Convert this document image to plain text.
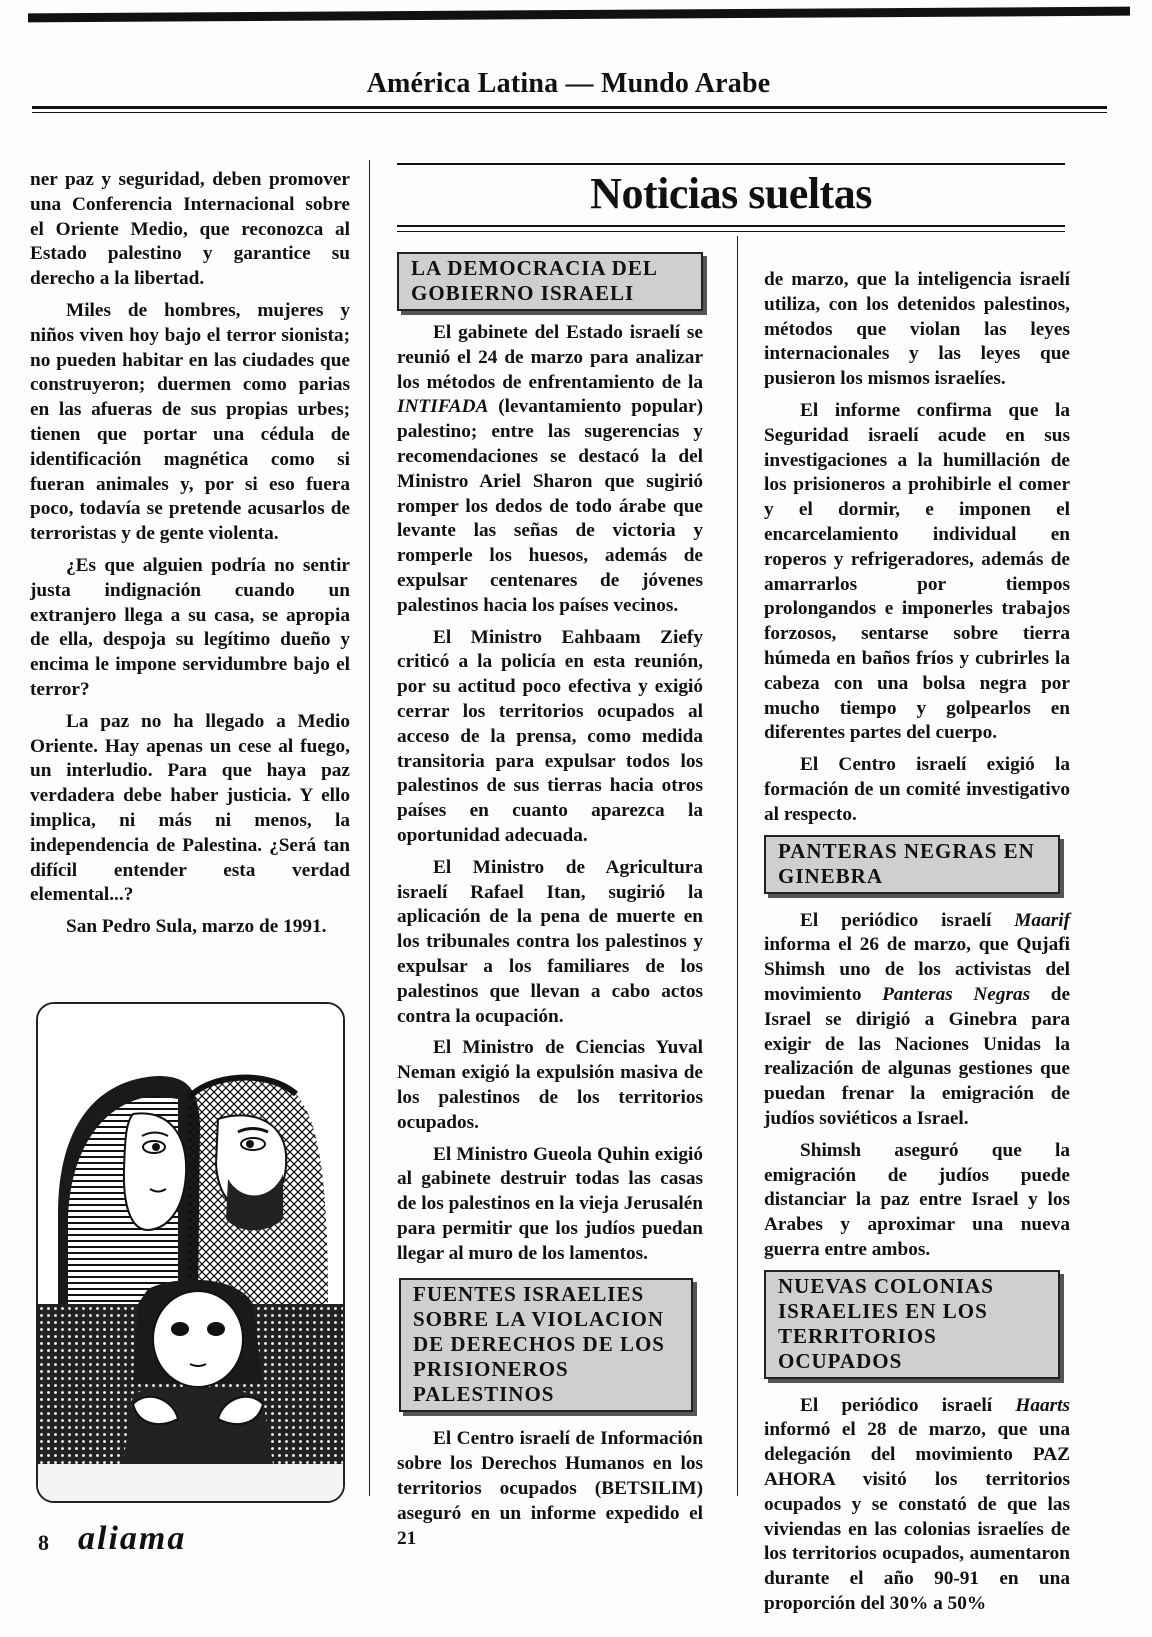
América Latina — Mundo Arabe

ner paz y seguridad, deben promover una Conferencia Internacional sobre el Oriente Medio, que reconozca al Estado palestino y garantice su derecho a la libertad.

Miles de hombres, mujeres y niños viven hoy bajo el terror sionista; no pueden habitar en las ciudades que construyeron; duermen como parias en las afueras de sus propias urbes; tienen que portar una cédula de identificación magnética como si fueran animales y, por si eso fuera poco, todavía se pretende acusarlos de terroristas y de gente violenta.

¿Es que alguien podría no sentir justa indignación cuando un extranjero llega a su casa, se apropia de ella, despoja su legítimo dueño y encima le impone servidumbre bajo el terror?

La paz no ha llegado a Medio Oriente. Hay apenas un cese al fuego, un interludio. Para que haya paz verdadera debe haber justicia. Y ello implica, ni más ni menos, la independencia de Palestina. ¿Será tan difícil entender esta verdad elemental...?

San Pedro Sula, marzo de 1991.

Noticias sueltas
LA DEMOCRACIA DEL GOBIERNO ISRAELI

El gabinete del Estado israelí se reunió el 24 de marzo para analizar los métodos de enfrentamiento de la INTIFADA (levantamiento popular) palestino; entre las sugerencias y recomendaciones se destacó la del Ministro Ariel Sharon que sugirió romper los dedos de todo árabe que levante las señas de victoria y romperle los huesos, además de expulsar centenares de jóvenes palestinos hacia los países vecinos.

El Ministro Eahbaam Ziefy criticó a la policía en esta reunión, por su actitud poco efectiva y exigió cerrar los territorios ocupados al acceso de la prensa, como medida transitoria para expulsar todos los palestinos de sus tierras hacia otros países en cuanto aparezca la oportunidad adecuada.

El Ministro de Agricultura israelí Rafael Itan, sugirió la aplicación de la pena de muerte en los tribunales contra los palestinos y expulsar a los familiares de los palestinos que llevan a cabo actos contra la ocupación.

El Ministro de Ciencias Yuval Neman exigió la expulsión masiva de los palestinos de los territorios ocupados.

El Ministro Gueola Quhin exigió al gabinete destruir todas las casas de los palestinos en la vieja Jerusalén para permitir que los judíos puedan llegar al muro de los lamentos.

FUENTES ISRAELIES SOBRE LA VIOLACION DE DERECHOS DE LOS PRISIONEROS PALESTINOS

El Centro israelí de Información sobre los Derechos Humanos en los territorios ocupados (BETSILIM) aseguró en un informe expedido el 21

de marzo, que la inteligencia israelí utiliza, con los detenidos palestinos, métodos que violan las leyes internacionales y las leyes que pusieron los mismos israelíes.

El informe confirma que la Seguridad israelí acude en sus investigaciones a la humillación de los prisioneros a prohibirle el comer y el dormir, e imponen el encarcelamiento individual en roperos y refrigeradores, además de amarrarlos por tiempos prolongandos e imponerles trabajos forzosos, sentarse sobre tierra húmeda en baños fríos y cubrirles la cabeza con una bolsa negra por mucho tiempo y golpearlos en diferentes partes del cuerpo.

El Centro israelí exigió la formación de un comité investigativo al respecto.

PANTERAS NEGRAS EN GINEBRA

El periódico israelí Maarif informa el 26 de marzo, que Qujafi Shimsh uno de los activistas del movimiento Panteras Negras de Israel se dirigió a Ginebra para exigir de las Naciones Unidas la realización de algunas gestiones que puedan frenar la emigración de judíos soviéticos a Israel.

Shimsh aseguró que la emigración de judíos puede distanciar la paz entre Israel y los Arabes y aproximar una nueva guerra entre ambos.

NUEVAS COLONIAS ISRAELIES EN LOS TERRITORIOS OCUPADOS

El periódico israelí Haarts informó el 28 de marzo, que una delegación del movimiento PAZ AHORA visitó los territorios ocupados y se constató de que las viviendas en las colonias israelíes de los territorios ocupados, aumentaron durante el año 90-91 en una proporción del 30% a 50%

8 aliama
